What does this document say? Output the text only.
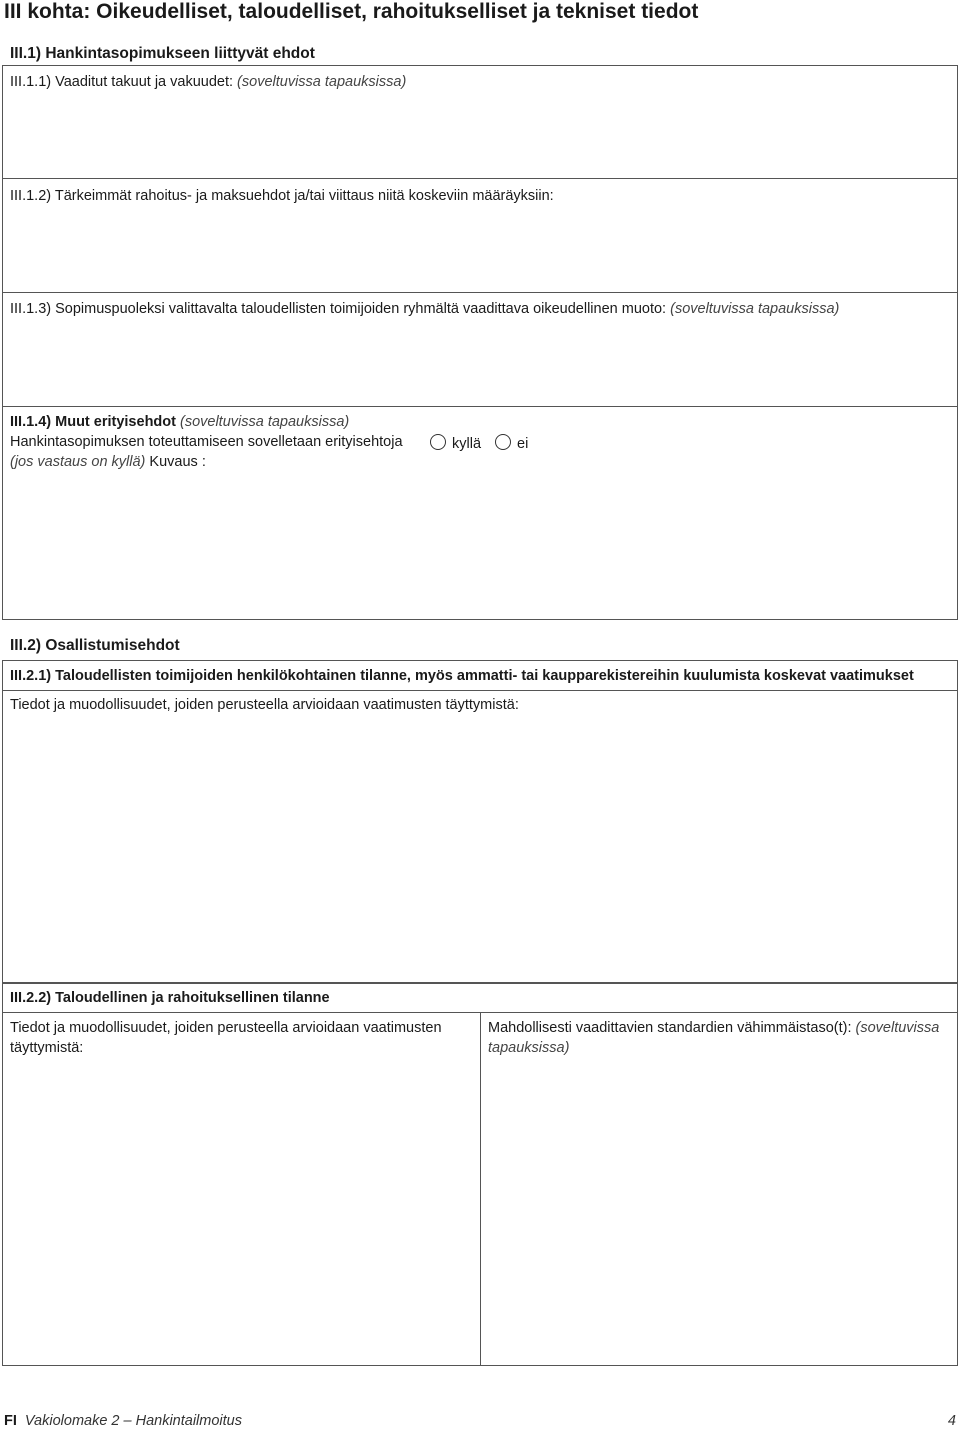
III kohta: Oikeudelliset, taloudelliset, rahoitukselliset ja tekniset tiedot
III.1) Hankintasopimukseen liittyvät ehdot
III.1.1) Vaaditut takuut ja vakuudet: (soveltuvissa tapauksissa)
III.1.2) Tärkeimmät rahoitus- ja maksuehdot ja/tai viittaus niitä koskeviin määräyksiin:
III.1.3) Sopimuspuoleksi valittavalta taloudellisten toimijoiden ryhmältä vaadittava oikeudellinen muoto: (soveltuvissa tapauksissa)
III.1.4) Muut erityisehdot (soveltuvissa tapauksissa)
Hankintasopimuksen toteuttamiseen sovelletaan erityisehtoja	kyllä ei
(jos vastaus on kyllä) Kuvaus :
III.2) Osallistumisehdot
III.2.1) Taloudellisten toimijoiden henkilökohtainen tilanne, myös ammatti- tai kaupparekistereihin kuulumista koskevat vaatimukset
Tiedot ja muodollisuudet, joiden perusteella arvioidaan vaatimusten täyttymistä:
III.2.2) Taloudellinen ja rahoituksellinen tilanne
Tiedot ja muodollisuudet, joiden perusteella arvioidaan vaatimusten
täyttymistä:
Mahdollisesti vaadittavien standardien vähimmäistaso(t): (soveltuvissa
tapauksissa)
FI Vakiolomake 2 – Hankintailmoitus	4
